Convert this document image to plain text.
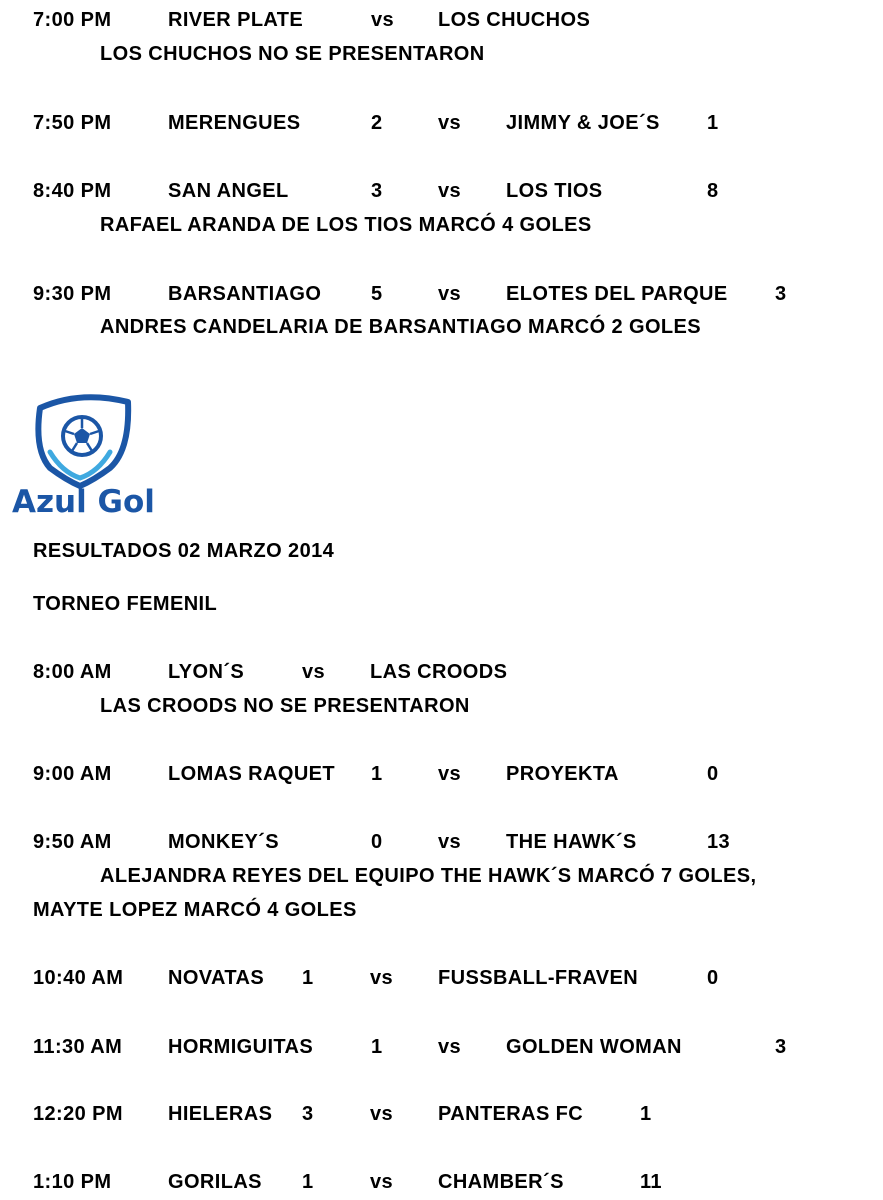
7:00 PM	RIVER PLATE	vs LOS CHUCHOS
LOS CHUCHOS NO SE PRESENTARON
7:50 PM	MERENGUES	2	vs JIMMY & JOE´S 1
8:40 PM	SAN ANGEL	3	vs LOS TIOS	8
RAFAEL ARANDA DE LOS TIOS MARCÓ 4 GOLES
9:30 PM	BARSANTIAGO 5	vs ELOTES DEL PARQUE 3
ANDRES CANDELARIA DE BARSANTIAGO MARCÓ 2 GOLES
Azul Gol
RESULTADOS 02 MARZO 2014
TORNEO FEMENIL
8:00 AM	LYON´S	vs LAS CROODS
LAS CROODS NO SE PRESENTARON
9:00 AM	LOMAS RAQUET 1	vs PROYEKTA	0
9:50 AM	MONKEY´S	0	vs THE HAWK´S	13
ALEJANDRA REYES DEL EQUIPO THE HAWK´S MARCÓ 7 GOLES,
MAYTE LOPEZ MARCÓ 4 GOLES
10:40 AM NOVATAS 1	vs FUSSBALL-FRAVEN	0
11:30 AM HORMIGUITAS	1	vs GOLDEN WOMAN	3
12:20 PM HIELERAS 3	vs PANTERAS FC	1
1:10 PM	GORILAS 1	vs CHAMBER´S	11
